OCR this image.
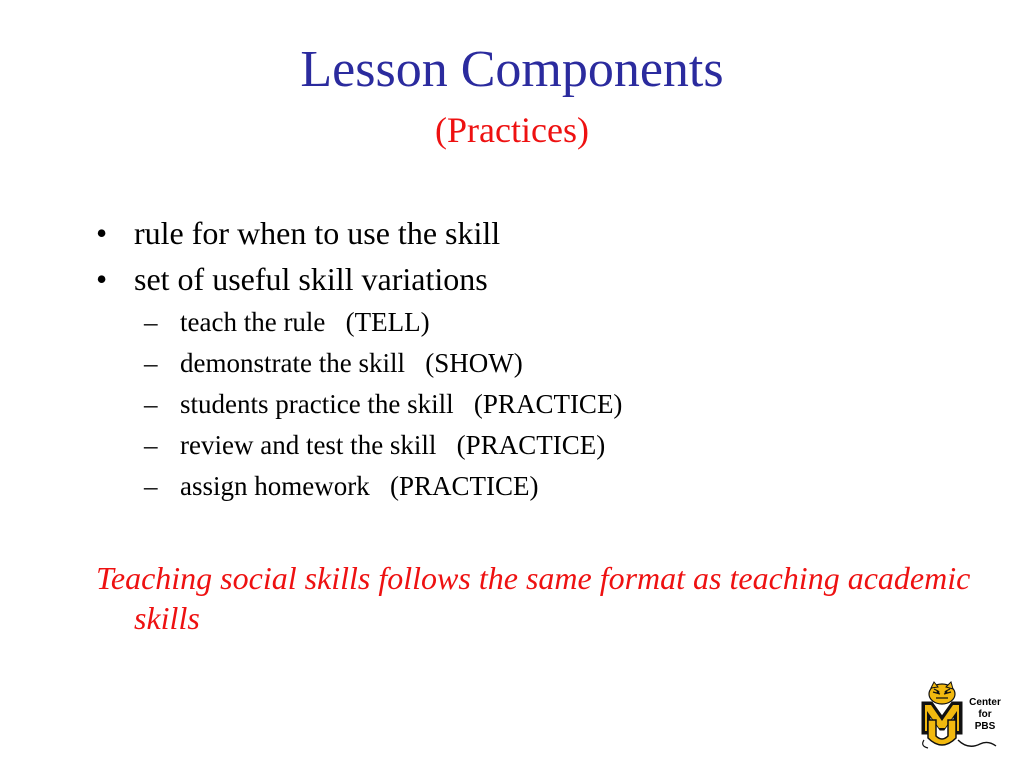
Lesson Components
(Practices)
• rule for when to use the skill
• set of useful skill variations
– teach the rule   (TELL)
– demonstrate the skill   (SHOW)
– students practice the skill   (PRACTICE)
– review and test the skill   (PRACTICE)
– assign homework   (PRACTICE)
Teaching social skills follows the same format as teaching academic skills
Center
for
PBS
